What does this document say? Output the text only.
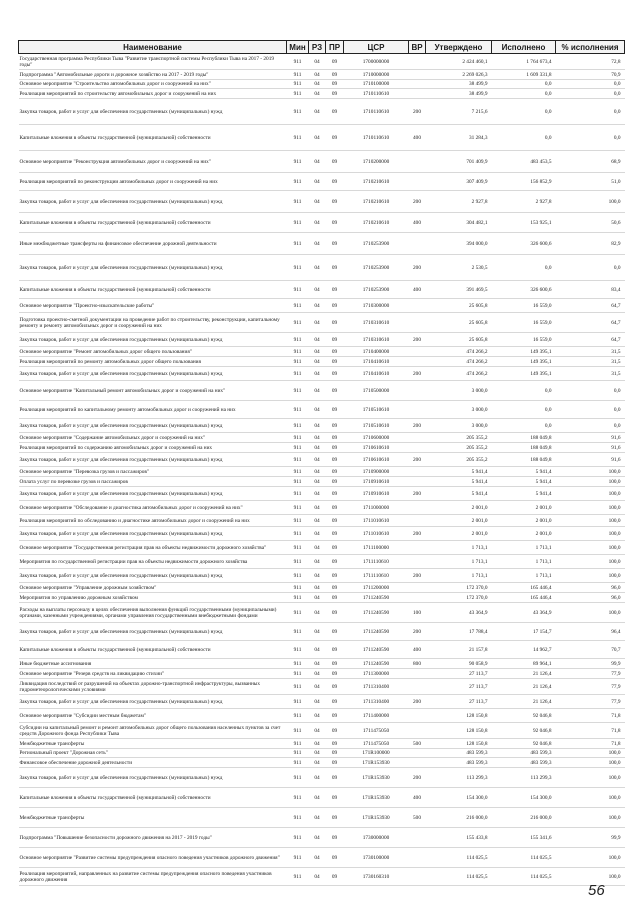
Наименование	Мин	РЗ	ПР	ЦСР	ВР	Утверждено	Исполнено	% исполнения
Государственная программа Республики Тыва "Развитие транспортной системы Республики Тыва на 2017 - 2019 годы"	911	04	09	1700000000		2 424 460,1	1 764 673,4	72,8
Подпрограмма "Автомобильные дороги и дорожное хозяйство на 2017 - 2019 годы"	911	04	09	1710000000		2 269 026,3	1 609 331,8	70,9
Основное мероприятие "Строительство автомобильных дорог и сооружений на них"	911	04	09	1710100000		38 499,9	0,0	0,0
Реализация мероприятий по строительству автомобильных дорог и сооружений на них	911	04	09	1710110610		38 499,9	0,0	0,0
Закупка товаров, работ и услуг для обеспечения государственных (муниципальных) нужд	911	04	09	1710110610	200	7 215,6	0,0	0,0
Капитальные вложения в объекты государственной (муниципальной) собственности	911	04	09	1710110610	400	31 284,3	0,0	0,0
Основное мероприятие "Реконструкция автомобильных дорог и сооружений на них"	911	04	09	1710200000		701 409,9	483 453,5	68,9
Реализация мероприятий по реконструкции автомобильных дорог и сооружений на них	911	04	09	1710210610		307 409,9	156 852,9	51,0
Закупка товаров, работ и услуг для обеспечения государственных (муниципальных) нужд	911	04	09	1710210610	200	2 927,8	2 927,8	100,0
Капитальные вложения в объекты государственной (муниципальной) собственности	911	04	09	1710210610	400	304 482,1	153 925,1	50,6
Иные межбюджетные трансферты на финансовое обеспечение дорожной деятельности	911	04	09	1710253900		394 000,0	326 600,6	82,9
Закупка товаров, работ и услуг для обеспечения государственных (муниципальных) нужд	911	04	09	1710253900	200	2 530,5	0,0	0,0
Капитальные вложения в объекты государственной (муниципальной) собственности	911	04	09	1710253900	400	391 469,5	326 600,6	83,4
Основное мероприятие "Проектно-изыскательские работы"	911	04	09	1710300000		25 605,8	16 559,0	64,7
Подготовка проектно-сметной документации на проведение работ по строительству, реконструкции, капитальному ремонту и ремонту автомобильных дорог и сооружений на них	911	04	09	1710310610		25 605,8	16 559,0	64,7
Закупка товаров, работ и услуг для обеспечения государственных (муниципальных) нужд	911	04	09	1710310610	200	25 605,8	16 559,0	64,7
Основное мероприятие "Ремонт автомобильных дорог общего пользования"	911	04	09	1710400000		474 266,2	149 395,1	31,5
Реализация мероприятий по ремонту автомобильных дорог общего пользования	911	04	09	1710410610		474 266,2	149 395,1	31,5
Закупка товаров, работ и услуг для обеспечения государственных (муниципальных) нужд	911	04	09	1710410610	200	474 266,2	149 395,1	31,5
Основное мероприятие "Капитальный ремонт автомобильных дорог и сооружений на них"	911	04	09	1710500000		3 000,0	0,0	0,0
Реализация мероприятий по капитальному ремонту автомобильных дорог и сооружений на них	911	04	09	1710510610		3 000,0	0,0	0,0
Закупка товаров, работ и услуг для обеспечения государственных (муниципальных) нужд	911	04	09	1710510610	200	3 000,0	0,0	0,0
Основное мероприятие "Содержание автомобильных дорог и сооружений на них"	911	04	09	1710600000		205 355,2	188 049,8	91,6
Реализация мероприятий по содержанию автомобильных дорог и сооружений на них	911	04	09	1710610610		205 355,2	188 049,8	91,6
Закупка товаров, работ и услуг для обеспечения государственных (муниципальных) нужд	911	04	09	1710610610	200	205 355,2	188 049,8	91,6
Основное мероприятие "Перевозка грузов и пассажиров"	911	04	09	1710900000		5 941,4	5 941,4	100,0
Оплата услуг по перевозке грузов и пассажиров	911	04	09	1710910610		5 941,4	5 941,4	100,0
Закупка товаров, работ и услуг для обеспечения государственных (муниципальных) нужд	911	04	09	1710910610	200	5 941,4	5 941,4	100,0
Основное мероприятие "Обследование и диагностика автомобильных дорог и сооружений на них"	911	04	09	1711000000		2 001,0	2 001,0	100,0
Реализация мероприятий по обследованию и диагностике автомобильных дорог и сооружений на них	911	04	09	1711010610		2 001,0	2 001,0	100,0
Закупка товаров, работ и услуг для обеспечения государственных (муниципальных) нужд	911	04	09	1711010610	200	2 001,0	2 001,0	100,0
Основное мероприятие "Государственная регистрация прав на объекты недвижимости дорожного хозяйства"	911	04	09	1711100000		1 713,1	1 713,1	100,0
Мероприятия по государственной регистрации прав на объекты недвижимости дорожного хозяйства	911	04	09	1711110610		1 713,1	1 713,1	100,0
Закупка товаров, работ и услуг для обеспечения государственных (муниципальных) нужд	911	04	09	1711110610	200	1 713,1	1 713,1	100,0
Основное мероприятие "Управление дорожным хозяйством"	911	04	09	1711200000		172 370,0	165 446,4	96,0
Мероприятия по управлению дорожным хозяйством	911	04	09	1711240590		172 370,0	165 446,4	96,0
Расходы на выплаты персоналу в целях обеспечения выполнения функций государственными (муниципальными) органами, казенными учреждениями, органами управления государственными внебюджетными фондами	911	04	09	1711240590	100	43 364,9	43 364,9	100,0
Закупка товаров, работ и услуг для обеспечения государственных (муниципальных) нужд	911	04	09	1711240590	200	17 788,4	17 154,7	96,4
Капитальные вложения в объекты государственной (муниципальной) собственности	911	04	09	1711240590	400	21 157,8	14 962,7	70,7
Иные бюджетные ассигнования	911	04	09	1711240590	800	90 058,9	89 964,1	99,9
Основное мероприятие "Резерв средств на ликвидацию стихии"	911	04	09	1711300000		27 113,7	21 126,4	77,9
Ликвидация последствий от разрушений на объектах дорожно-транспортной инфраструктуры, вызванных гидрометеорологическими условиями	911	04	09	1711310400		27 113,7	21 126,4	77,9
Закупка товаров, работ и услуг для обеспечения государственных (муниципальных) нужд	911	04	09	1711310400	200	27 113,7	21 126,4	77,9
Основное мероприятие "Субсидии местным бюджетам"	911	04	09	1711400000		128 150,8	92 046,8	71,8
Субсидии на капитальный ремонт и ремонт автомобильных дорог общего пользования населенных пунктов за счет средств Дорожного фонда Республики Тыва	911	04	09	1711475050		128 150,8	92 046,8	71,8
Межбюджетные трансферты	911	04	09	1711475050	500	128 150,8	92 046,8	71,8
Региональный проект "Дорожная сеть"	911	04	09	171R100000		483 599,3	483 599,3	100,0
Финансовое обеспечение дорожной деятельности	911	04	09	171R153930		483 599,3	483 599,3	100,0
Закупка товаров, работ и услуг для обеспечения государственных (муниципальных) нужд	911	04	09	171R153930	200	113 299,3	113 299,3	100,0
Капитальные вложения в объекты государственной (муниципальной) собственности	911	04	09	171R153930	400	154 300,0	154 300,0	100,0
Межбюджетные трансферты	911	04	09	171R153930	500	216 000,0	216 000,0	100,0
Подпрограмма "Повышение безопасности дорожного движения на 2017 - 2019 годы"	911	04	09	1730000000		155 433,8	155 341,6	99,9
Основное мероприятие "Развитие системы предупреждения опасного поведения участников дорожного движения"	911	04	09	1730100000		114 025,5	114 025,5	100,0
Реализация мероприятий, направленных на развитие системы предупреждения опасного поведения участников дорожного движения	911	04	09	1730160310		114 025,5	114 025,5	100,0
56
